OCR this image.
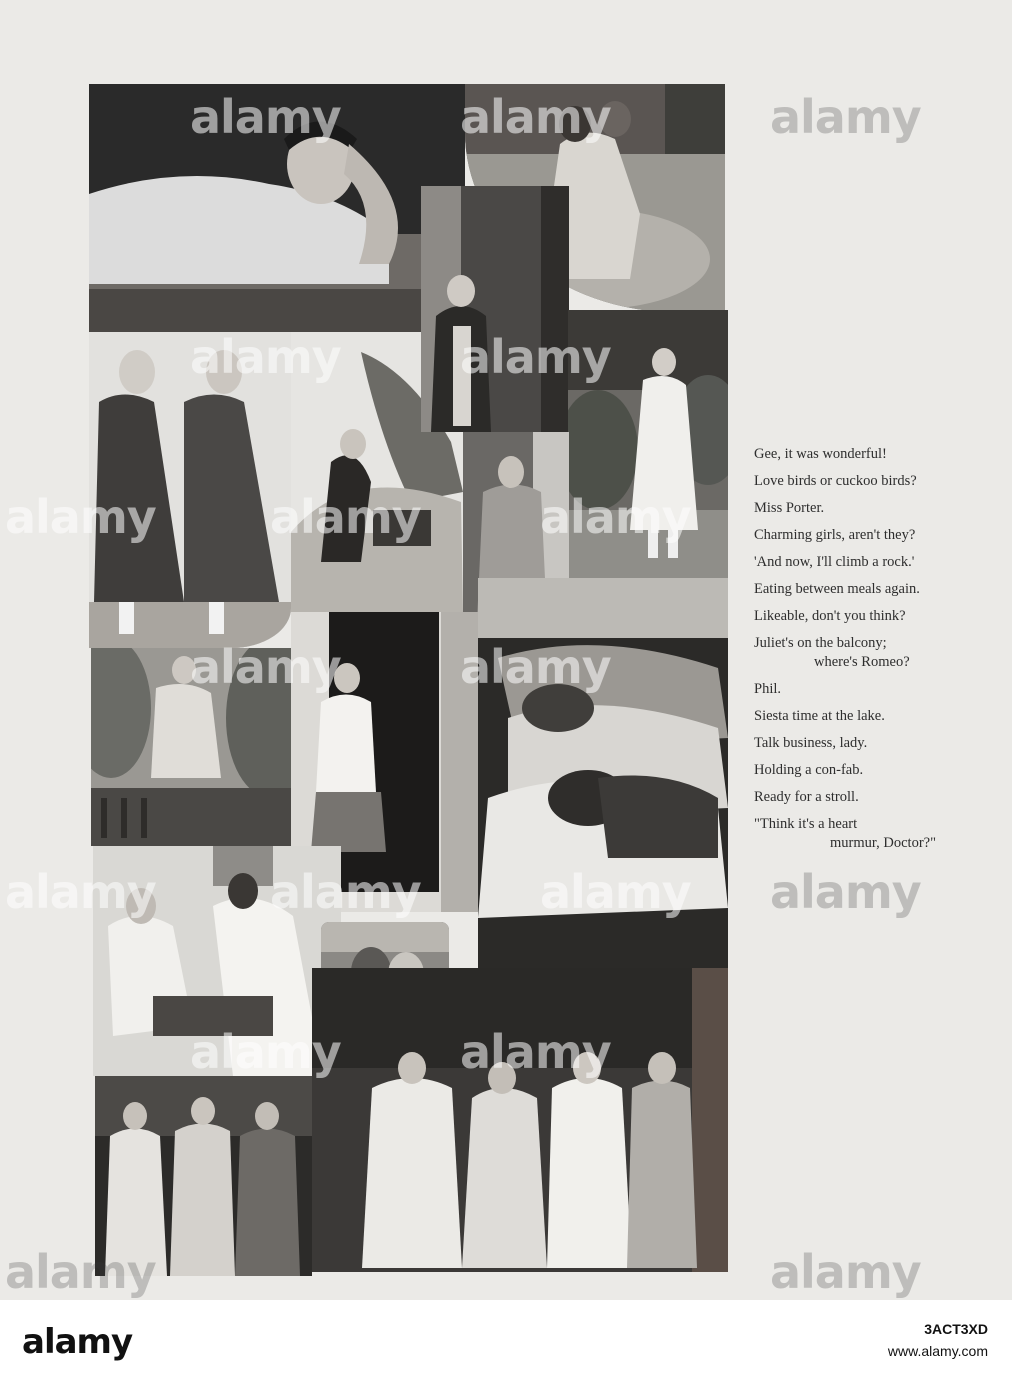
Gee, it was wonderful!
Love birds or cuckoo birds?
Miss Porter.
Charming girls, aren't they?
'And now, I'll climb a rock.'
Eating between meals again.
Likeable, don't you think?
Juliet's on the balcony;
where's Romeo?
Phil.
Siesta time at the lake.
Talk business, lady.
Holding a con-fab.
Ready for a stroll.
"Think it's a heart
murmur, Doctor?"
alamy	alamy	alamy
alamy	alamy
alamy alamy	alamy
alamy	alamy
alamy alamy	alamy alamy
alamy	alamy
alamy	alamy
alamy	3ACT3XD
www.alamy.com
